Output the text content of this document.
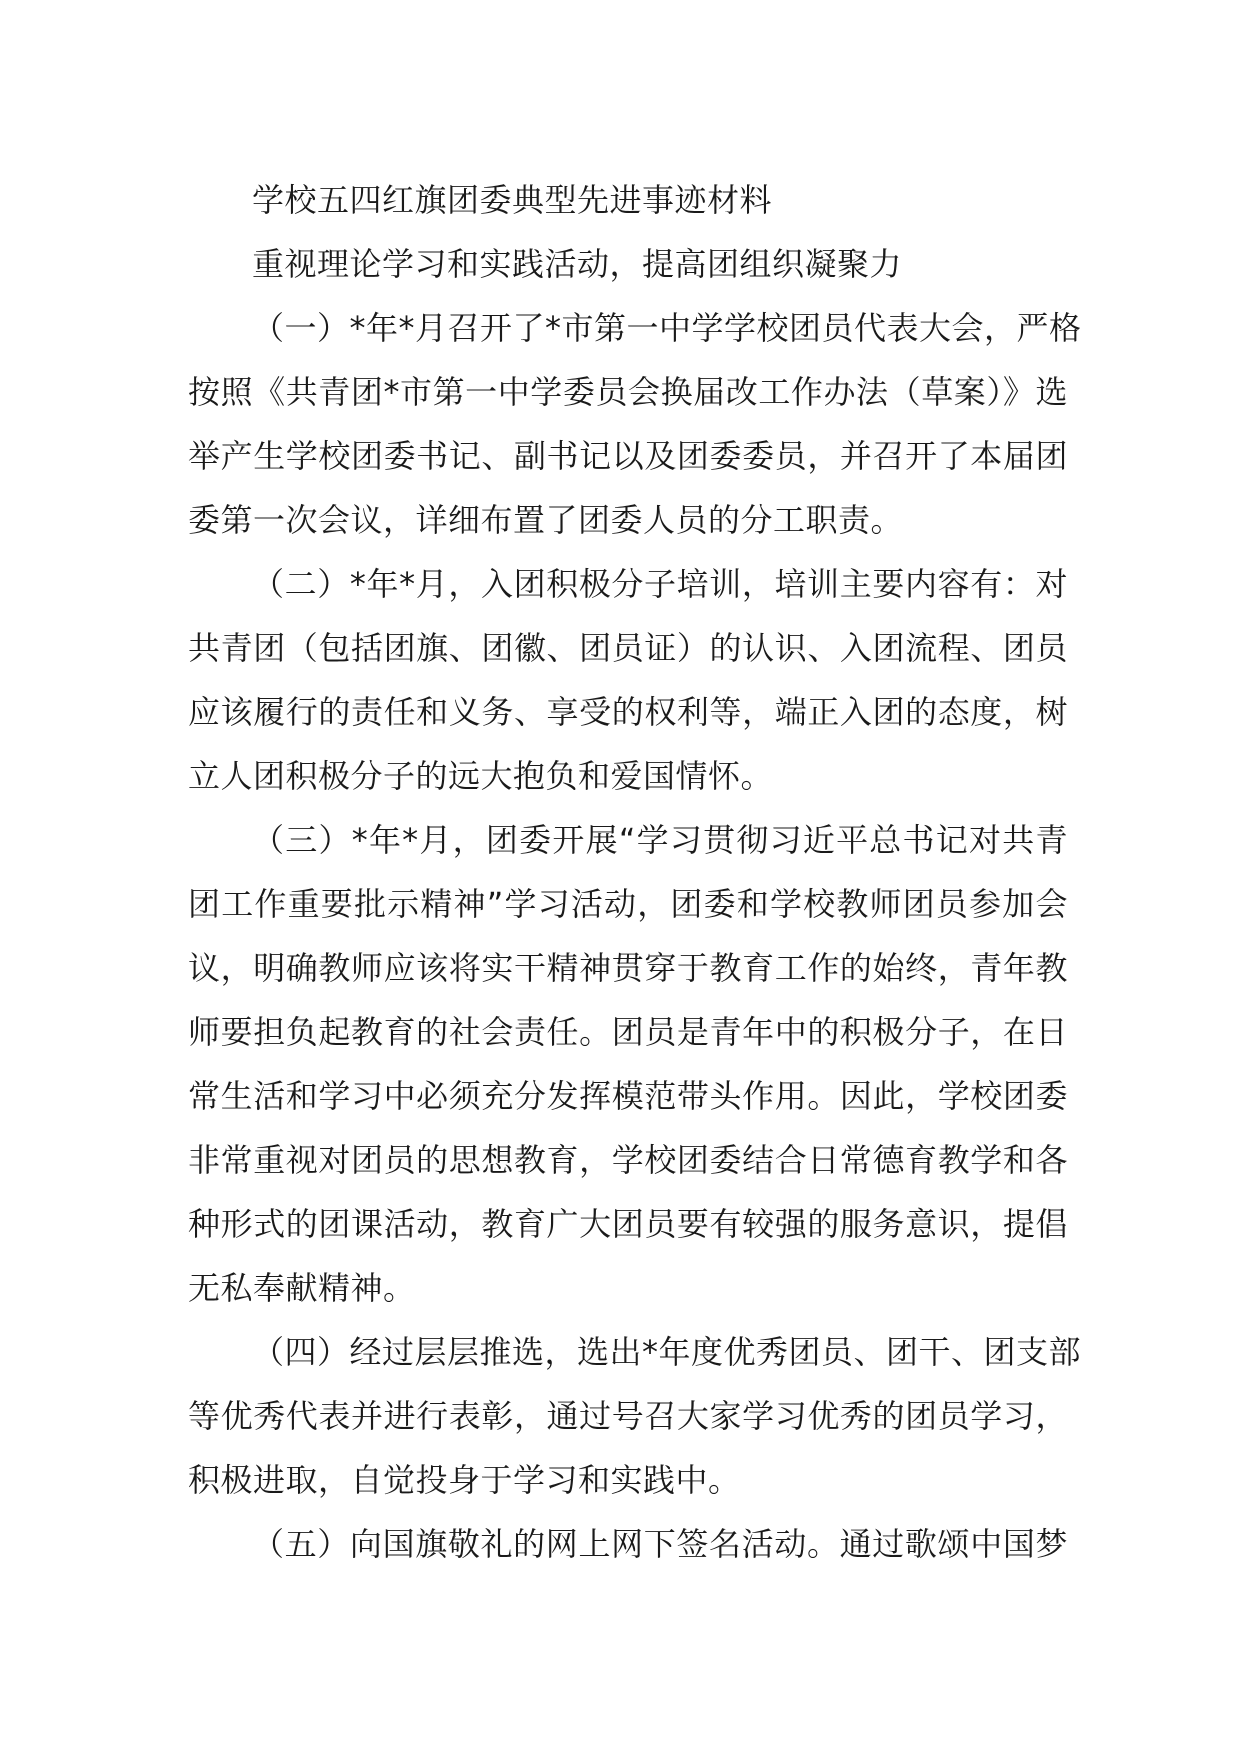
学校五四红旗团委典型先进事迹材料
重视理论学习和实践活动，提高团组织凝聚力
（一）*年*月召开了*市第一中学学校团员代表大会，严格
按照《共青团*市第一中学委员会换届改工作办法（草案）》选
举产生学校团委书记、副书记以及团委委员，并召开了本届团
委第一次会议，详细布置了团委人员的分工职责。
（二）*年*月，入团积极分子培训，培训主要内容有：对
共青团（包括团旗、团徽、团员证）的认识、入团流程、团员
应该履行的责任和义务、享受的权利等，端正入团的态度，树
立人团积极分子的远大抱负和爱国情怀。
（三）*年*月，团委开展“学习贯彻习近平总书记对共青
团工作重要批示精神”学习活动，团委和学校教师团员参加会
议，明确教师应该将实干精神贯穿于教育工作的始终，青年教
师要担负起教育的社会责任。团员是青年中的积极分子，在日
常生活和学习中必须充分发挥模范带头作用。因此，学校团委
非常重视对团员的思想教育，学校团委结合日常德育教学和各
种形式的团课活动，教育广大团员要有较强的服务意识，提倡
无私奉献精神。
（四）经过层层推选，选出*年度优秀团员、团干、团支部
等优秀代表并进行表彰，通过号召大家学习优秀的团员学习，
积极进取，自觉投身于学习和实践中。
（五）向国旗敬礼的网上网下签名活动。通过歌颂中国梦
